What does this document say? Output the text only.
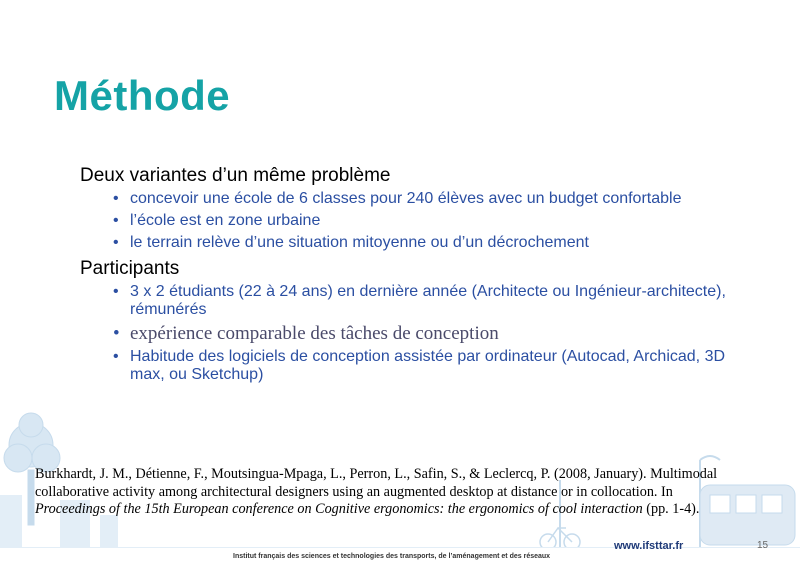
Méthode
Deux variantes d’un même problème
• concevoir une école de 6 classes pour 240 élèves avec un budget confortable
• l’école est en zone urbaine
• le terrain relève d’une situation mitoyenne ou d’un décrochement
Participants
• 3 x 2 étudiants (22 à 24 ans) en dernière année (Architecte ou Ingénieur-architecte), rémunérés
• expérience comparable des tâches de conception
• Habitude des logiciels de conception assistée par ordinateur (Autocad, Archicad, 3D max, ou Sketchup)
Burkhardt, J. M., Détienne, F., Moutsingua-Mpaga, L., Perron, L., Safin, S., & Leclercq, P. (2008, January). Multimodal collaborative activity among architectural designers using an augmented desktop at distance or in collocation. In Proceedings of the 15th European conference on Cognitive ergonomics: the ergonomics of cool interaction (pp. 1-4).
Institut français des sciences et technologies des transports, de l’aménagement et des réseaux
www.ifsttar.fr	15
